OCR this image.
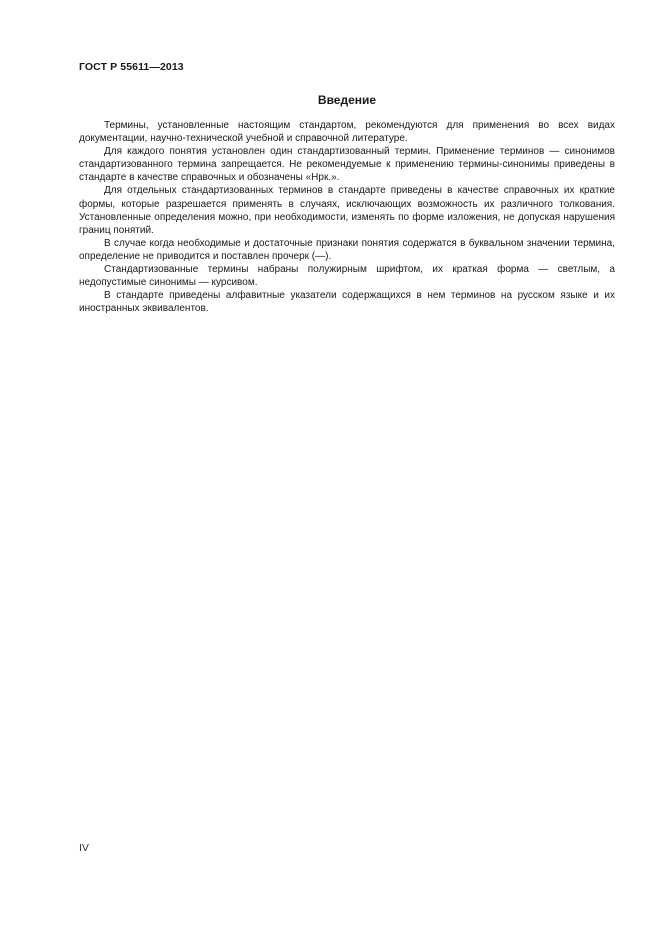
ГОСТ Р 55611—2013
Введение

Термины, установленные настоящим стандартом, рекомендуются для применения во всех видах документации, научно-технической учебной и справочной литературе.

Для каждого понятия установлен один стандартизованный термин. Применение терминов — синонимов стандартизованного термина запрещается. Не рекомендуемые к применению термины-синонимы приведены в стандарте в качестве справочных и обозначены «Нрк.».

Для отдельных стандартизованных терминов в стандарте приведены в качестве справочных их краткие формы, которые разрешается применять в случаях, исключающих возможность их различного толкования. Установленные определения можно, при необходимости, изменять по форме изложения, не допуская нарушения границ понятий.

В случае когда необходимые и достаточные признаки понятия содержатся в буквальном значении термина, определение не приводится и поставлен прочерк (—).

Стандартизованные термины набраны полужирным шрифтом, их краткая форма — светлым, а недопустимые синонимы — курсивом.

В стандарте приведены алфавитные указатели содержащихся в нем терминов на русском языке и их иностранных эквивалентов.

IV
